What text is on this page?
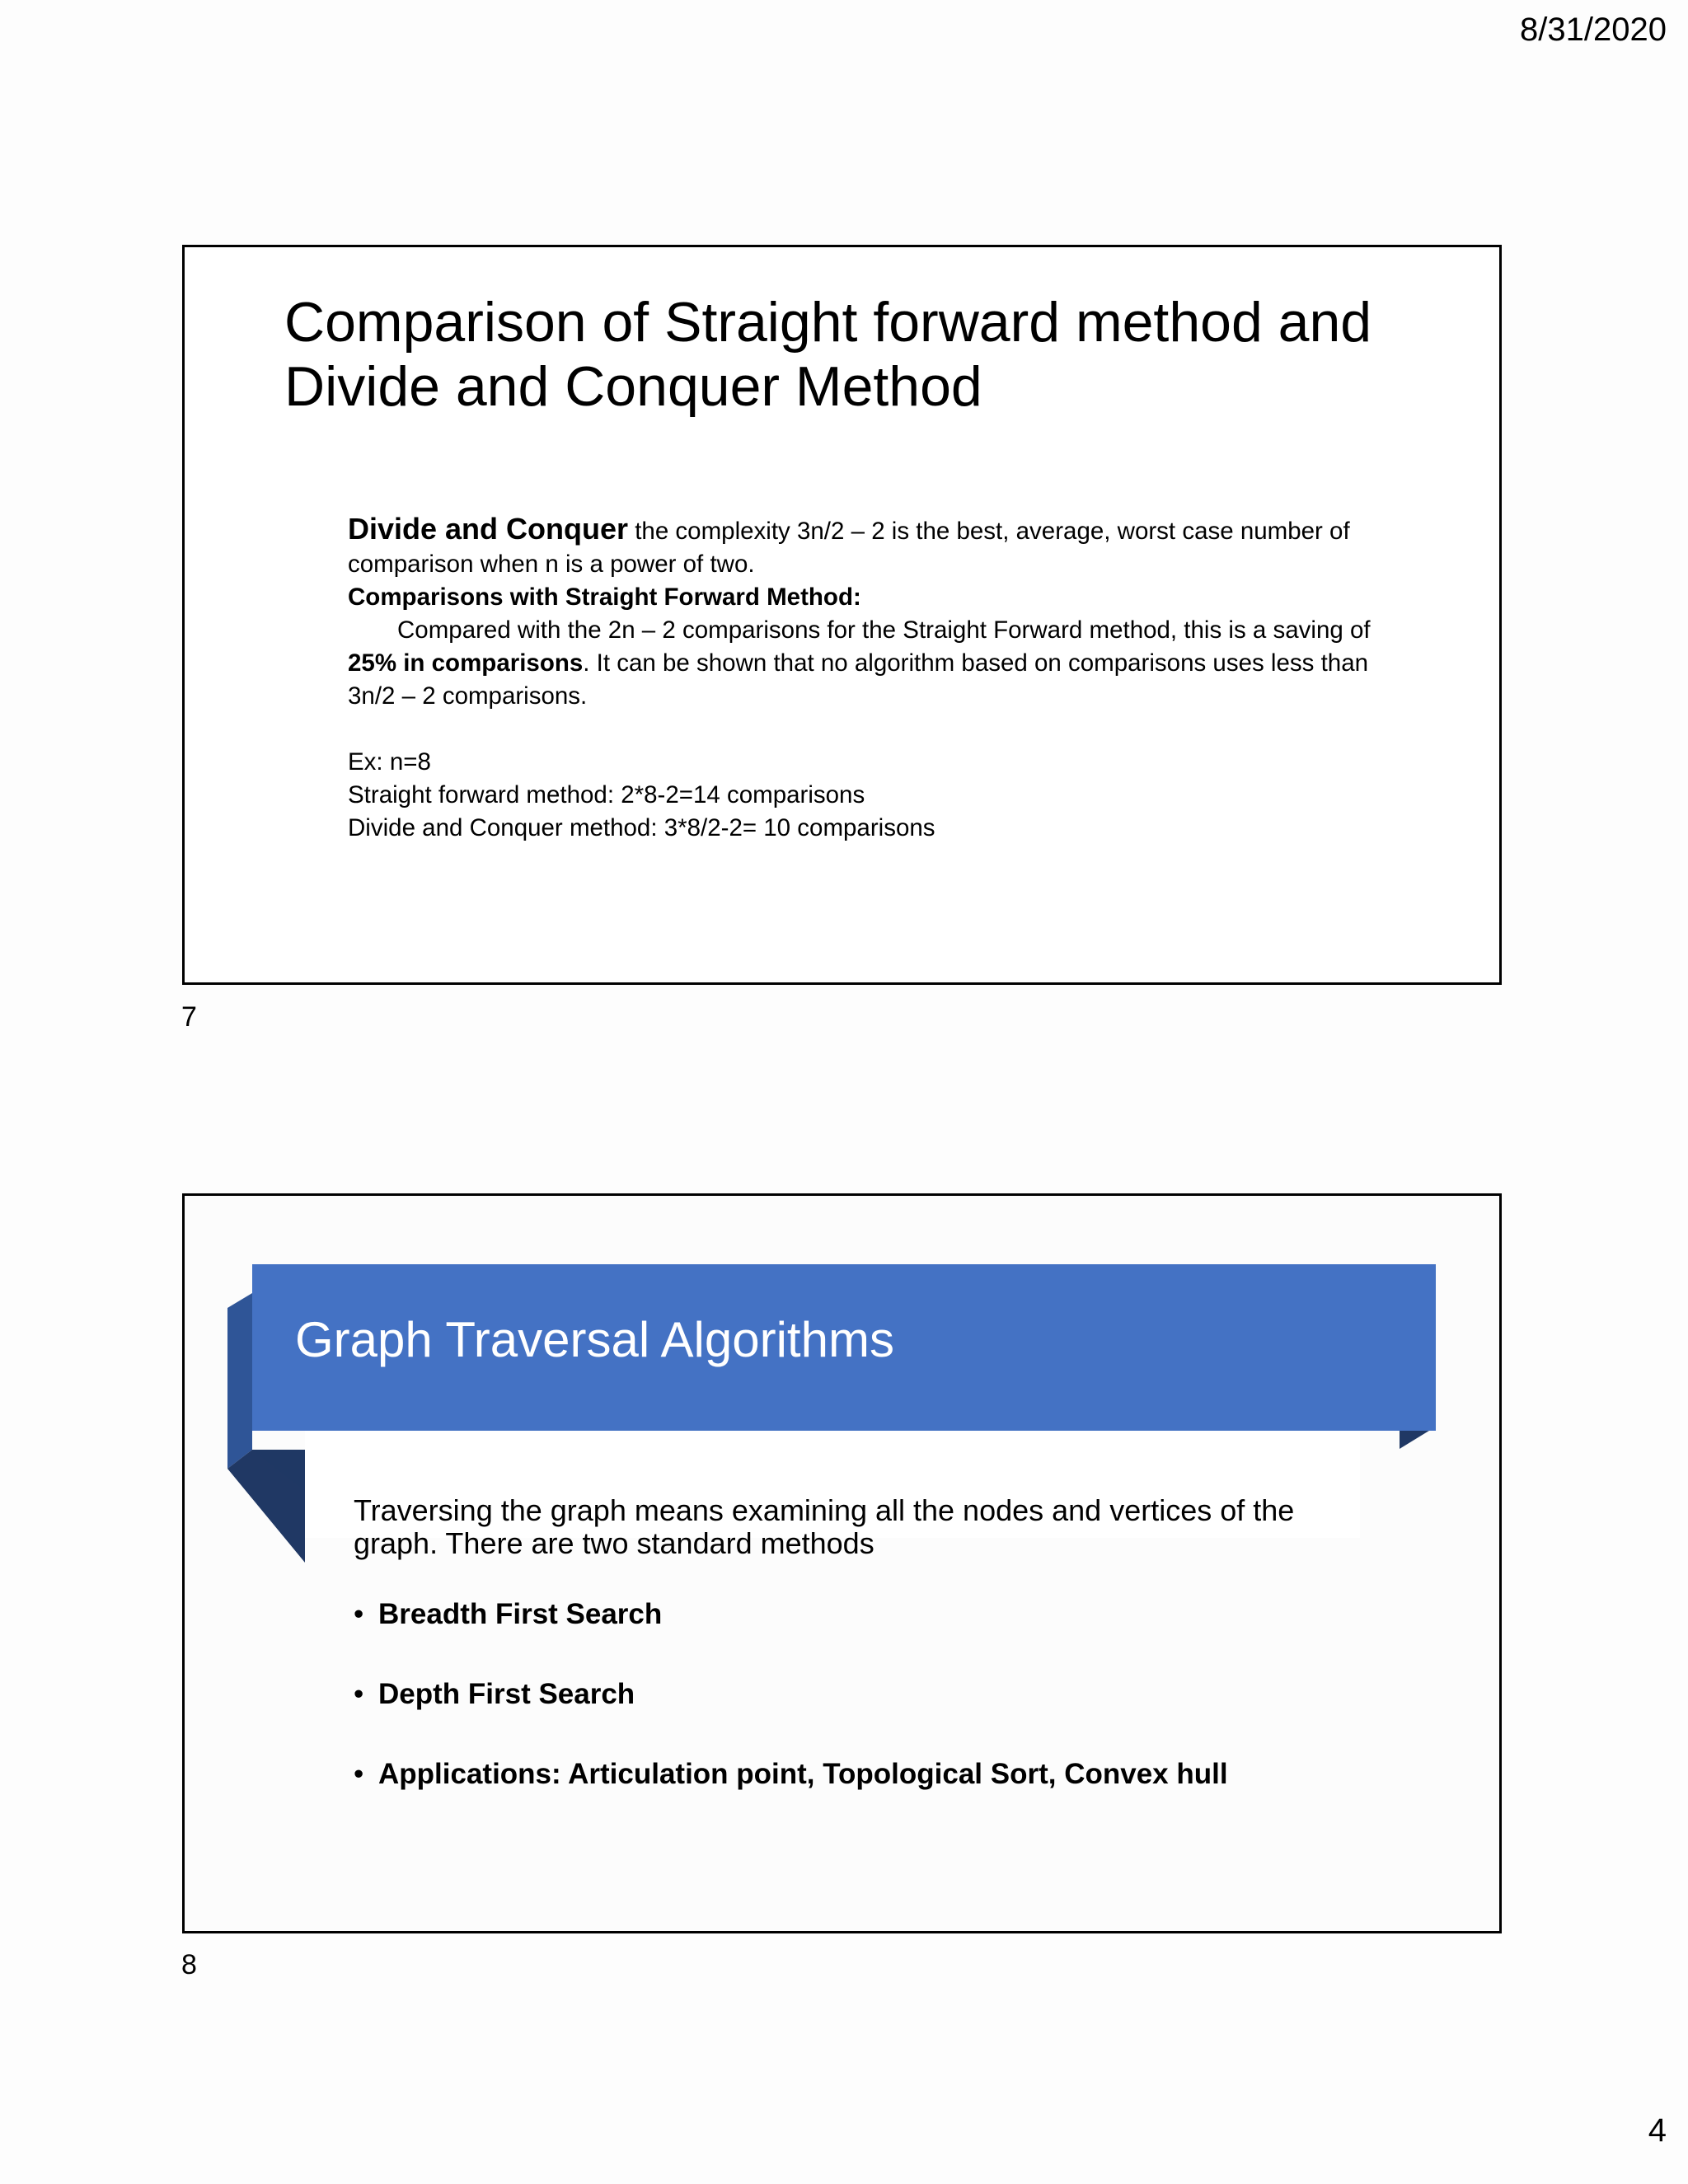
8/31/2020
Comparison of Straight forward method and
Divide and Conquer Method

Divide and Conquer the complexity 3n/2 – 2 is the best, average, worst case number of comparison when n is a power of two.

Comparisons with Straight Forward Method:

Compared with the 2n – 2 comparisons for the Straight Forward method, this is a saving of 25% in comparisons. It can be shown that no algorithm based on comparisons uses less than 3n/2 – 2 comparisons.

Ex: n=8

Straight forward method: 2*8-2=14 comparisons

Divide and Conquer method: 3*8/2-2= 10 comparisons

7
Graph Traversal Algorithms
Traversing the graph means examining all the nodes and vertices of the graph. There are two standard methods
• Breadth First Search
• Depth First Search
• Applications: Articulation point, Topological Sort, Convex hull
8
4
